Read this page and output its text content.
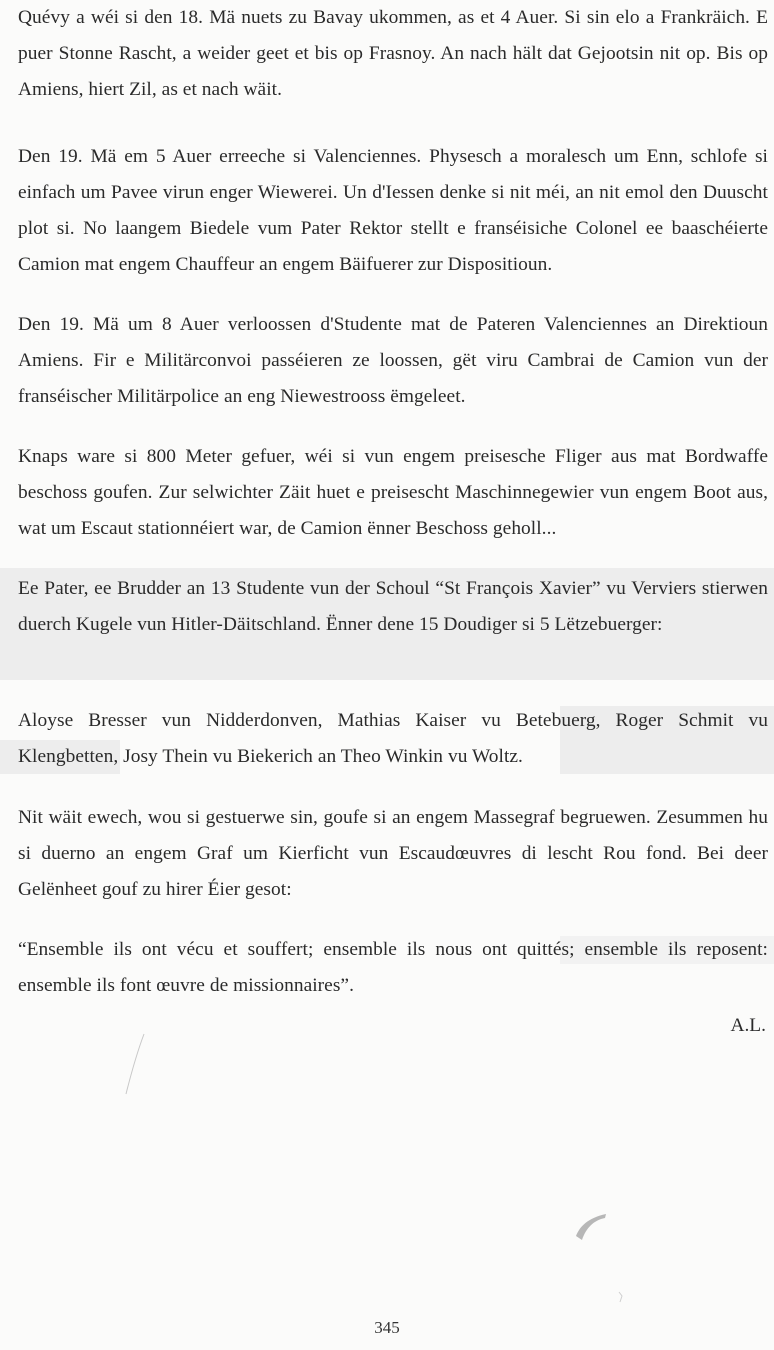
Quévy a wéi si den 18. Mä nuets zu Bavay ukommen, as et 4 Auer. Si sin elo a Frankräich. E puer Stonne Rascht, a weider geet et bis op Frasnoy. An nach hält dat Gejootsin nit op. Bis op Amiens, hiert Zil, as et nach wäit.

Den 19. Mä em 5 Auer erreeche si Valenciennes. Physesch a moralesch um Enn, schlofe si einfach um Pavee virun enger Wiewerei. Un d'Iessen denke si nit méi, an nit emol den Duuscht plot si. No laangem Biedele vum Pater Rektor stellt e franséisiche Colonel ee baaschéierte Camion mat engem Chauffeur an engem Bäifuerer zur Dispositioun.

Den 19. Mä um 8 Auer verloossen d'Studente mat de Pateren Valenciennes an Direktioun Amiens. Fir e Militärconvoi passéieren ze loossen, gët viru Cambrai de Camion vun der franséischer Militärpolice an eng Niewestrooss ëmgeleet.

Knaps ware si 800 Meter gefuer, wéi si vun engem preisesche Fliger aus mat Bordwaffe beschoss goufen. Zur selwichter Zäit huet e preisescht Maschinnegewier vun engem Boot aus, wat um Escaut stationnéiert war, de Camion ënner Beschoss geholl...

Ee Pater, ee Brudder an 13 Studente vun der Schoul “St François Xavier” vu Verviers stierwen duerch Kugele vun Hitler-Däitschland. Ënner dene 15 Doudiger si 5 Lëtzebuerger:

Aloyse Bresser vun Nidderdonven, Mathias Kaiser vu Betebuerg, Roger Schmit vu Klengbetten, Josy Thein vu Biekerich an Theo Winkin vu Woltz.

Nit wäit ewech, wou si gestuerwe sin, goufe si an engem Massegraf begruewen. Zesummen hu si duerno an engem Graf um Kierficht vun Escaudœuvres di lescht Rou fond. Bei deer Gelënheet gouf zu hirer Éier gesot:

“Ensemble ils ont vécu et souffert; ensemble ils nous ont quittés; ensemble ils reposent: ensemble ils font œuvre de missionnaires”.

A.L.
345
